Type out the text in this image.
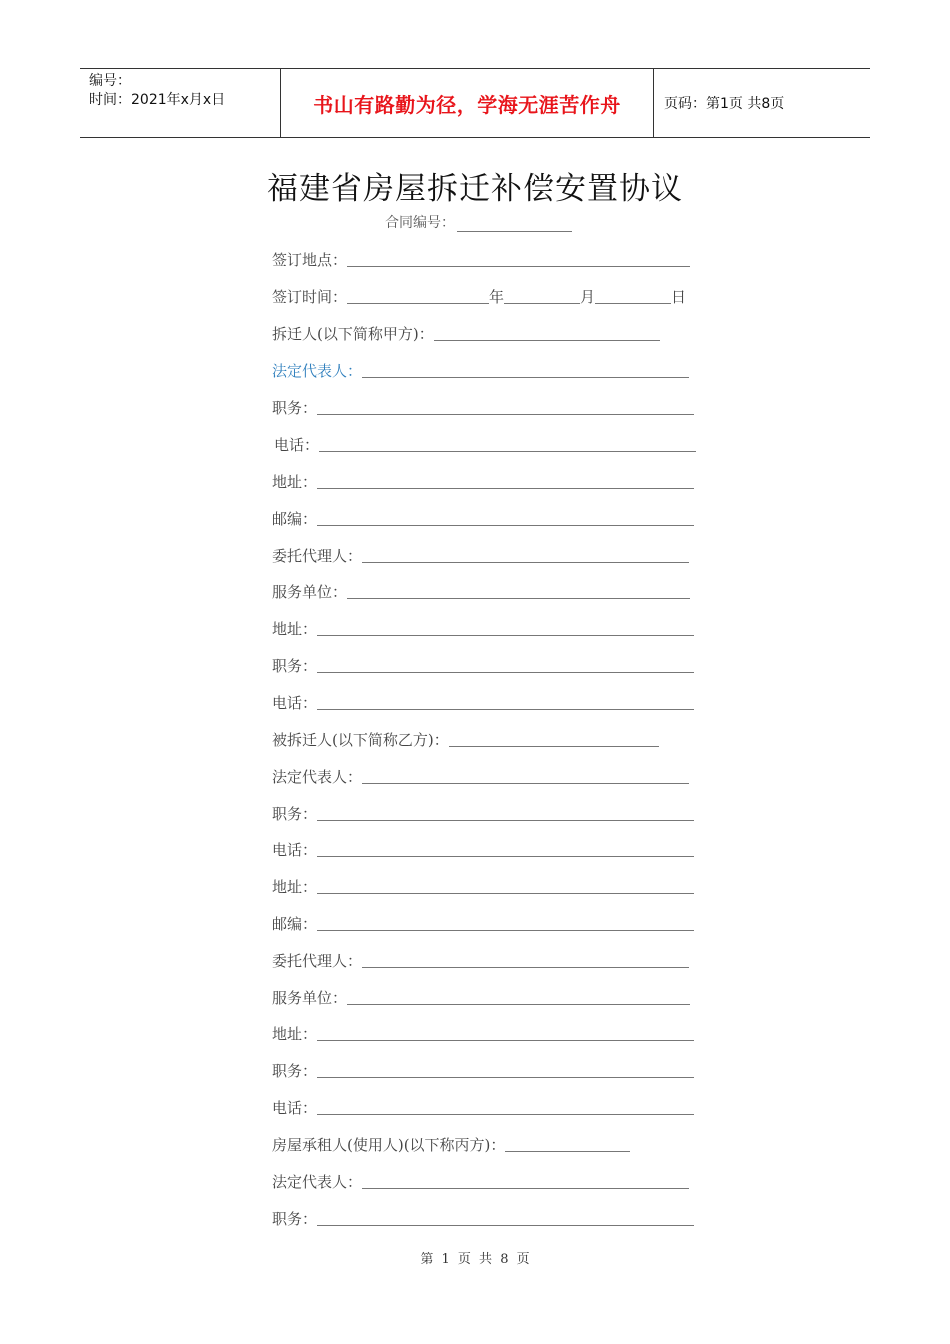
编号：
时间：2021年x月x日	书山有路勤为径，学海无涯苦作舟	页码：第1页 共8页
福建省房屋拆迁补偿安置协议
合同编号：
签订地点：
签订时间：	年	月	日
拆迁人(以下简称甲方)：
法定代表人：
职务：
电话：
地址：
邮编：
委托代理人：
服务单位：
地址：
职务：
电话：
被拆迁人(以下简称乙方)：
法定代表人：
职务：
电话：
地址：
邮编：
委托代理人：
服务单位：
地址：
职务：
电话：
房屋承租人(使用人)(以下称丙方)：
法定代表人：
职务：
第 1 页 共 8 页
